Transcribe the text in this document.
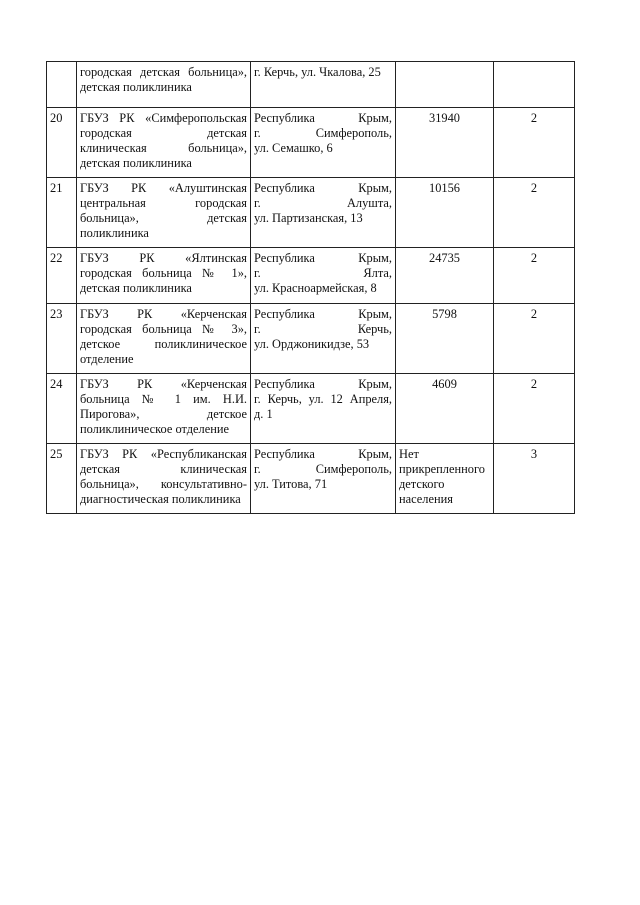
	городская детская больница»,
детская поликлиника	г. Керчь, ул. Чкалова, 25		

20	ГБУЗ РК «Симферопольская
городская детская
клиническая больница»,
детская поликлиника	Республика Крым,
г. Симферополь,
ул. Семашко, 6	31940	2
21	ГБУЗ РК «Алуштинская
центральная городская
больница», детская
поликлиника	Республика Крым,
г. Алушта,
ул. Партизанская, 13	10156	2
22	ГБУЗ РК «Ялтинская
городская больница № 1»,
детская поликлиника	Республика Крым,
г. Ялта,
ул. Красноармейская, 8	24735	2
23	ГБУЗ РК «Керченская
городская больница № 3»,
детское поликлиническое
отделение	Республика Крым,
г. Керчь,
ул. Орджоникидзе, 53	5798	2
24	ГБУЗ РК «Керченская
больница № 1 им. Н.И.
Пирогова», детское
поликлиническое отделение	Республика Крым,
г. Керчь, ул. 12 Апреля,
д. 1	4609	2
25	ГБУЗ РК «Республиканская
детская клиническая
больница», консультативно-
диагностическая поликлиника	Республика Крым,
г. Симферополь,
ул. Титова, 71	Нет
прикрепленного
детского
населения	3
